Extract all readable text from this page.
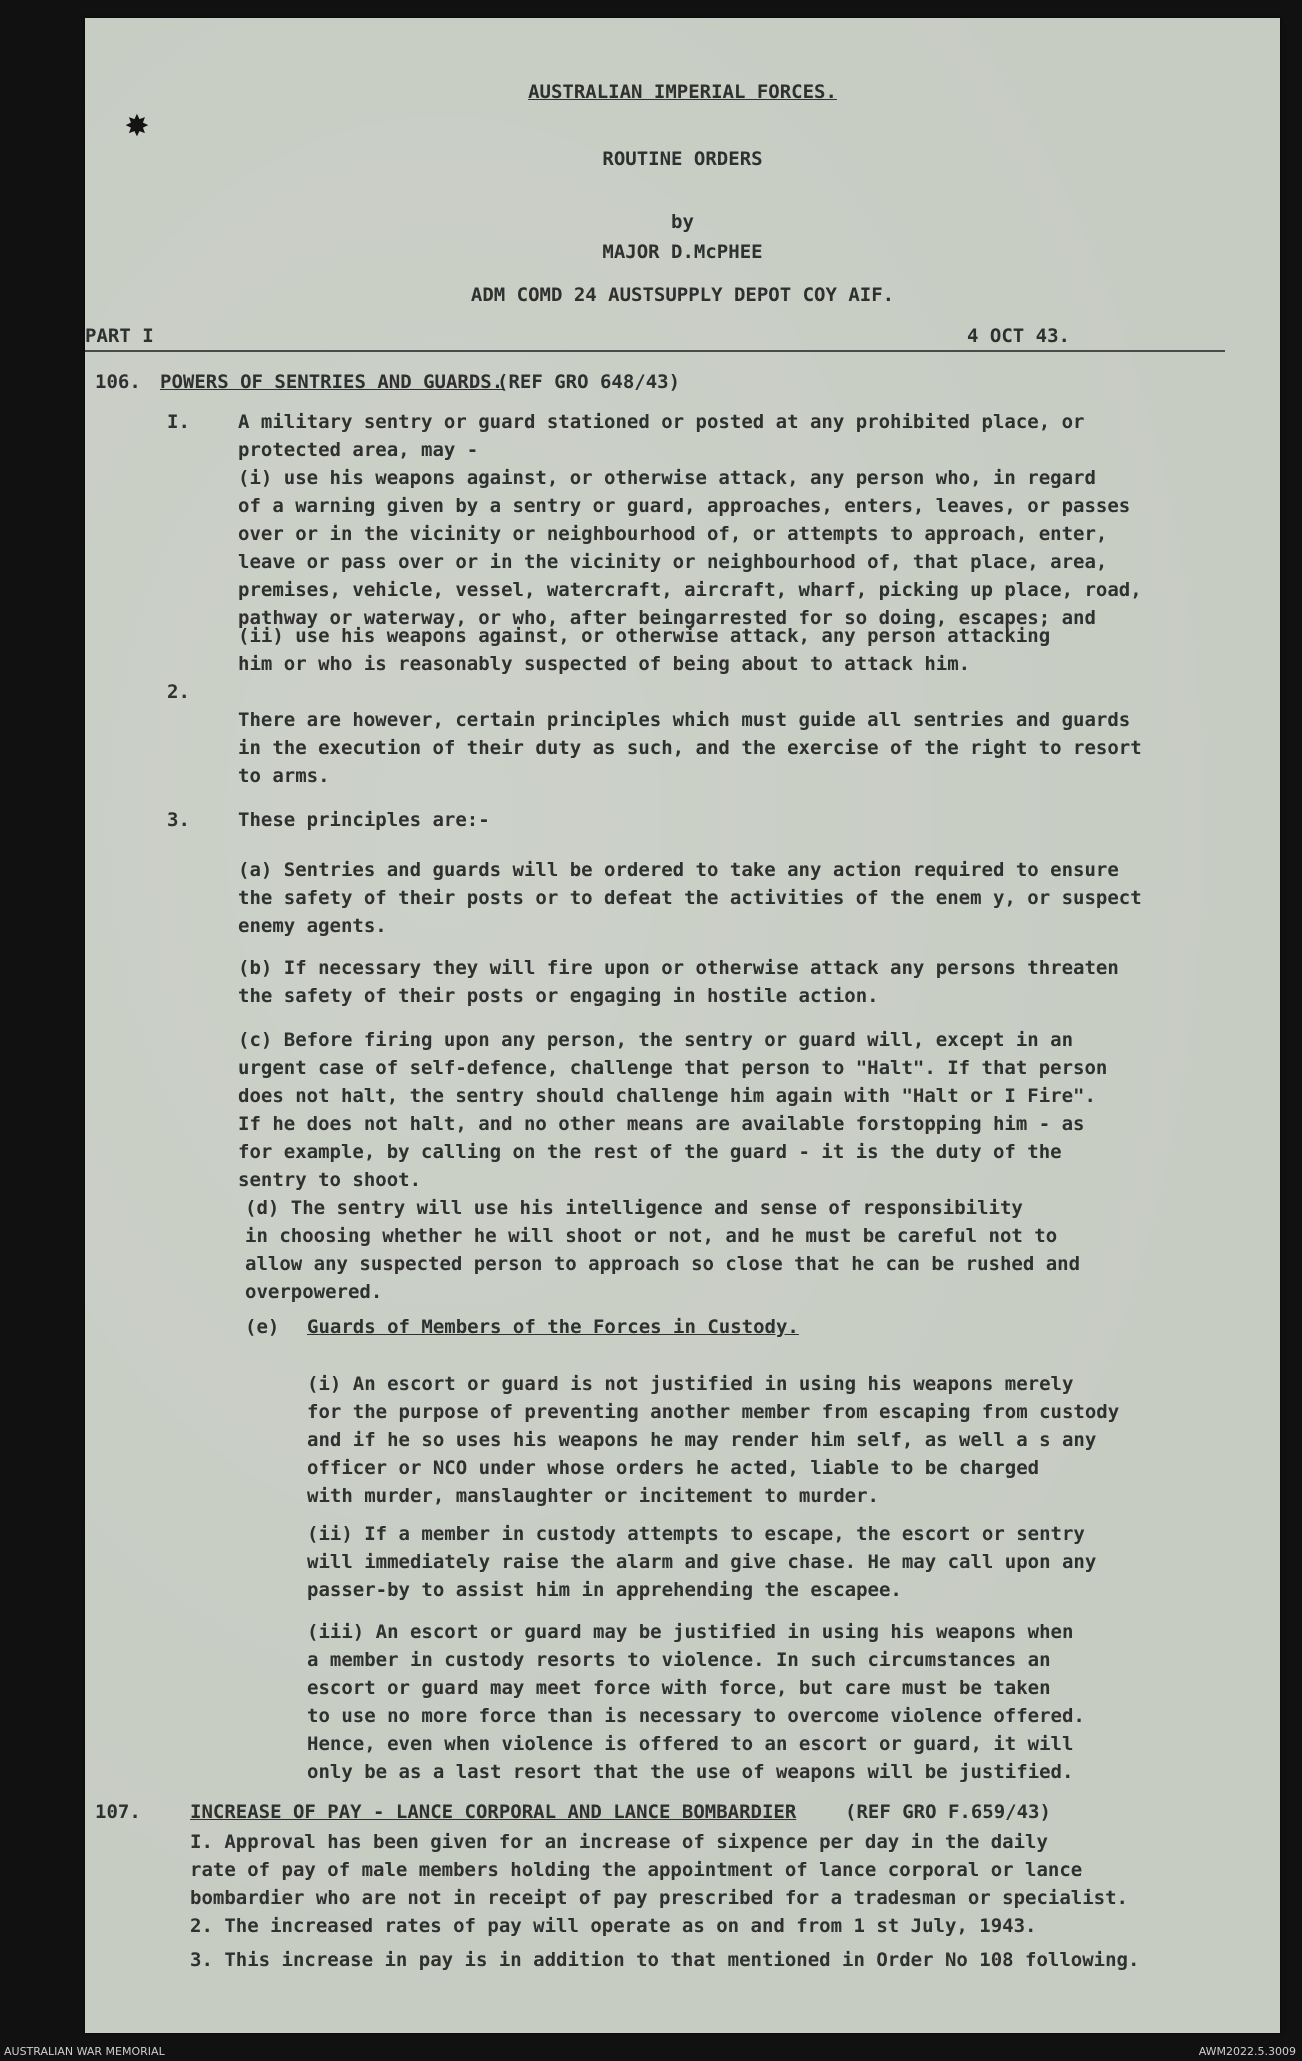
✸
AUSTRALIAN IMPERIAL FORCES.
ROUTINE ORDERS
by
MAJOR D.McPHEE
ADM COMD 24 AUSTSUPPLY DEPOT COY AIF.
PART I	4 OCT 43.
106. POWERS OF SENTRIES AND GUARDS.
(REF GRO 648/43)
I.	A military sentry or guard stationed or posted at any prohibited place, or
protected area, may -
(i) use his weapons against, or otherwise attack, any person who, in regard
of a warning given by a sentry or guard, approaches, enters, leaves, or passes
over or in the vicinity or neighbourhood of, or attempts to approach, enter,
leave or pass over or in the vicinity or neighbourhood of, that place, area,
premises, vehicle, vessel, watercraft, aircraft, wharf, picking up place, road,
pathway or waterway, or who, after beingarrested for so doing, escapes; and
(ii) use his weapons against, or otherwise attack, any person attacking
him or who is reasonably suspected of being about to attack him.
2.
There are however, certain principles which must guide all sentries and guards
in the execution of their duty as such, and the exercise of the right to resort
to arms.
3.	These principles are:-
(a) Sentries and guards will be ordered to take any action required to ensure
the safety of their posts or to defeat the activities of the enem y, or suspect
enemy agents.
(b) If necessary they will fire upon or otherwise attack any persons threaten
the safety of their posts or engaging in hostile action.
(c) Before firing upon any person, the sentry or guard will, except in an
urgent case of self-defence, challenge that person to "Halt". If that person
does not halt, the sentry should challenge him again with "Halt or I Fire".
If he does not halt, and no other means are available forstopping him - as
for example, by calling on the rest of the guard - it is the duty of the
sentry to shoot.
(d) The sentry will use his intelligence and sense of responsibility
in choosing whether he will shoot or not, and he must be careful not to
allow any suspected person to approach so close that he can be rushed and
overpowered.
(e) Guards of Members of the Forces in Custody.
(i) An escort or guard is not justified in using his weapons merely
for the purpose of preventing another member from escaping from custody
and if he so uses his weapons he may render him self, as well a s any
officer or NCO under whose orders he acted, liable to be charged
with murder, manslaughter or incitement to murder.
(ii) If a member in custody attempts to escape, the escort or sentry
will immediately raise the alarm and give chase. He may call upon any
passer-by to assist him in apprehending the escapee.
(iii) An escort or guard may be justified in using his weapons when
a member in custody resorts to violence. In such circumstances an
escort or guard may meet force with force, but care must be taken
to use no more force than is necessary to overcome violence offered.
Hence, even when violence is offered to an escort or guard, it will
only be as a last resort that the use of weapons will be justified.
107.	INCREASE OF PAY - LANCE CORPORAL AND LANCE BOMBARDIER	(REF GRO F.659/43)
I. Approval has been given for an increase of sixpence per day in the daily
rate of pay of male members holding the appointment of lance corporal or lance
bombardier who are not in receipt of pay prescribed for a tradesman or specialist.
2. The increased rates of pay will operate as on and from 1 st July, 1943.
3. This increase in pay is in addition to that mentioned in Order No 108 following.
AUSTRALIAN WAR MEMORIAL	AWM2022.5.3009
